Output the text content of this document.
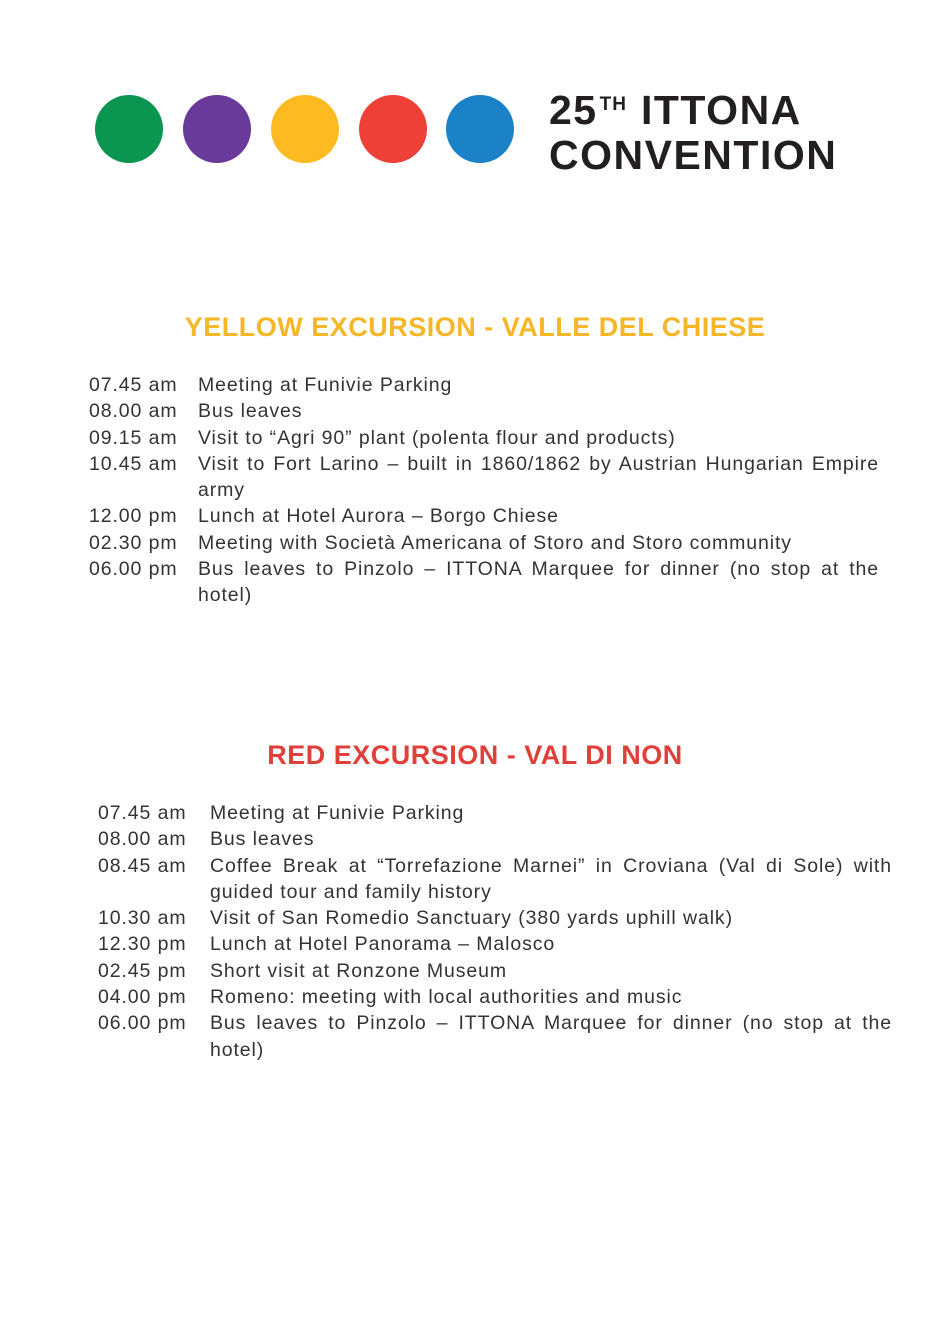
25 $^{TH}$ ITTONA
CONVENTION
YELLOW EXCURSION - VALLE DEL CHIESE
07.45 am	Meeting at Funivie Parking
08.00 am	Bus leaves
09.15 am	Visit to “Agri 90” plant (polenta flour and products)
10.45 am	Visit to Fort Larino – built in 1860/1862 by Austrian Hungarian Empire army
12.00 pm	Lunch at Hotel Aurora – Borgo Chiese
02.30 pm	Meeting with Società Americana of Storo and Storo community
06.00 pm	Bus leaves to Pinzolo – ITTONA Marquee for dinner (no stop at the hotel)
RED EXCURSION - VAL DI NON
07.45 am	Meeting at Funivie Parking
08.00 am	Bus leaves
08.45 am	Coffee Break at “Torrefazione Marnei” in Croviana (Val di Sole) with guided tour and family history
10.30 am	Visit of San Romedio Sanctuary (380 yards uphill walk)
12.30 pm	Lunch at Hotel Panorama – Malosco
02.45 pm	Short visit at Ronzone Museum
04.00 pm	Romeno: meeting with local authorities and music
06.00 pm	Bus leaves to Pinzolo – ITTONA Marquee for dinner (no stop at the hotel)
